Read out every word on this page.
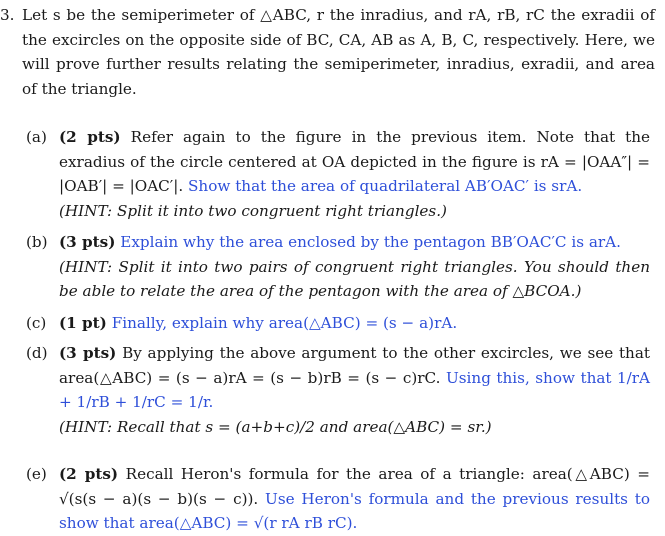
3. Let s be the semiperimeter of △ABC, r the inradius, and rA, rB, rC the exradii of the excircles on the opposite side of BC, CA, AB as A, B, C, respectively. Here, we will prove further results relating the semiperimeter, inradius, exradii, and area of the triangle.
(a) (2 pts) Refer again to the figure in the previous item. Note that the exradius of the circle centered at OA depicted in the figure is rA = |OAA″| = |OAB′| = |OAC′|. Show that the area of quadrilateral AB′OAC′ is srA.
(HINT: Split it into two congruent right triangles.)
(b) (3 pts) Explain why the area enclosed by the pentagon BB′OAC′C is arA.
(HINT: Split it into two pairs of congruent right triangles. You should then be able to relate the area of the pentagon with the area of △BCOA.)
(c) (1 pt) Finally, explain why area(△ABC) = (s − a)rA.
(d) (3 pts) By applying the above argument to the other excircles, we see that area(△ABC) = (s − a)rA = (s − b)rB = (s − c)rC. Using this, show that 1/rA + 1/rB + 1/rC = 1/r.
(HINT: Recall that s = (a+b+c)/2 and area(△ABC) = sr.)
(e) (2 pts) Recall Heron's formula for the area of a triangle: area(△ABC) = √(s(s − a)(s − b)(s − c)). Use Heron's formula and the previous results to show that area(△ABC) = √(r rA rB rC).
